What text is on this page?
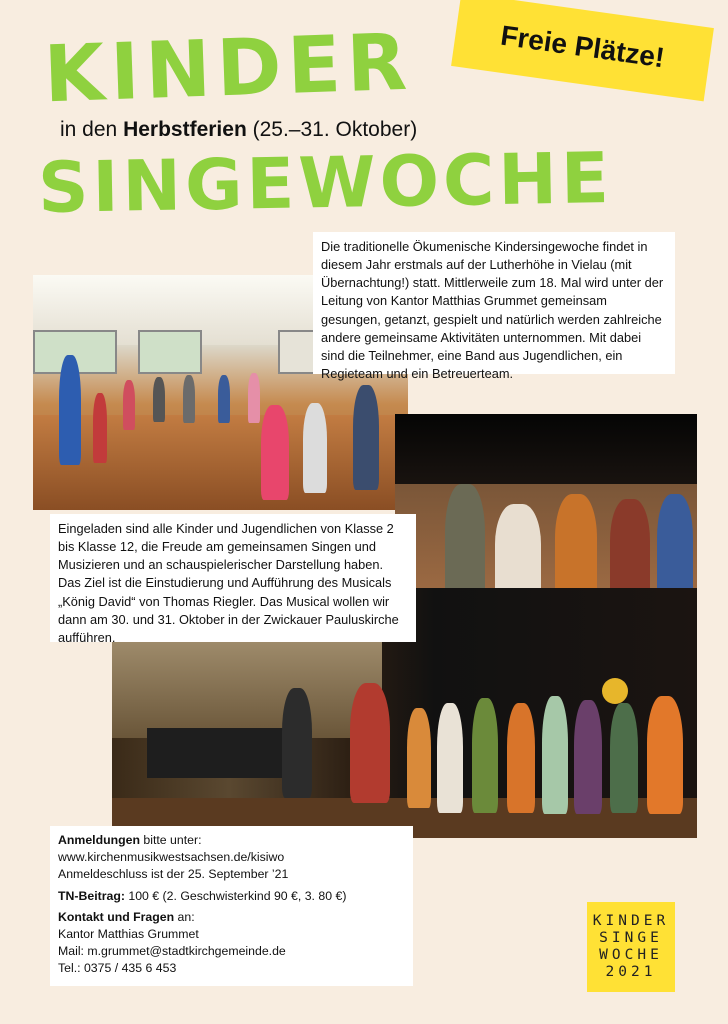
KINDER
in den Herbstferien (25.–31. Oktober)
SINGEWOCHE
Freie Plätze!
Die traditionelle Ökumenische Kindersingewoche findet in diesem Jahr erstmals auf der Lutherhöhe in Vielau (mit Übernachtung!) statt. Mittlerweile zum 18. Mal wird unter der Leitung von Kantor Matthias Grummet gemeinsam gesungen, getanzt, gespielt und natürlich werden zahlreiche andere gemeinsame Aktivitäten unternommen. Mit dabei sind die Teilnehmer, eine Band aus Jugendlichen, ein Regieteam und ein Betreuerteam.
Eingeladen sind alle Kinder und Jugendlichen von Klasse 2 bis Klasse 12, die Freude am gemeinsamen Singen und Musizieren und an schauspielerischer Darstellung haben. Das Ziel ist die Einstudierung und Aufführung des Musicals „König David“ von Thomas Riegler. Das Musical wollen wir dann am 30. und 31. Oktober in der Zwickauer Pauluskirche aufführen.

Anmeldungen bitte unter:

www.kirchenmusikwestsachsen.de/kisiwo

Anmeldeschluss ist der 25. September ’21

TN-Beitrag: 100 € (2. Geschwisterkind 90 €, 3. 80 €)

Kontakt und Fragen an:

Kantor Matthias Grummet

Mail: m.grummet@stadtkirchgemeinde.de

Tel.: 0375 / 435 6 453

KINDER
SINGE
WOCHE
2021
